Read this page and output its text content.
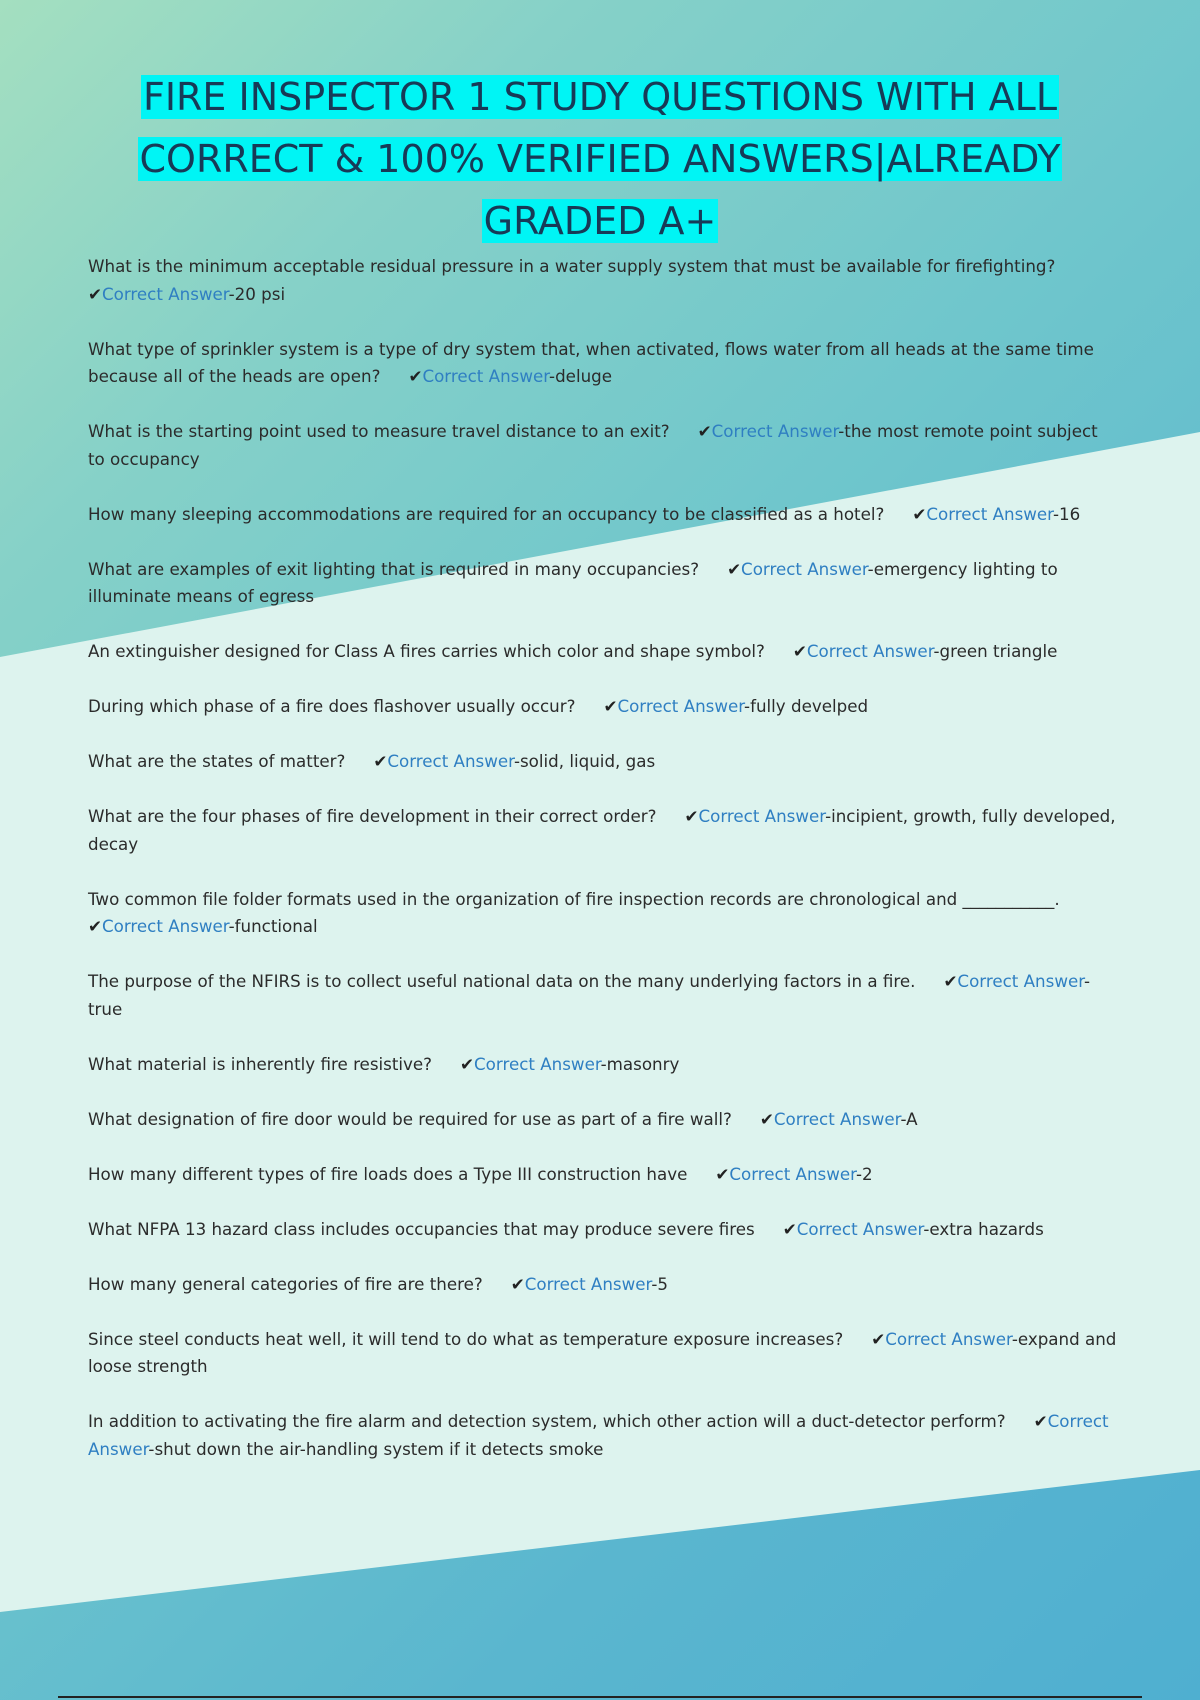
FIRE INSPECTOR 1 STUDY QUESTIONS WITH ALL
CORRECT & 100% VERIFIED ANSWERS|ALREADY
GRADED A+
What is the minimum acceptable residual pressure in a water supply system that must be available for firefighting?✔Correct Answer-20 psi
What type of sprinkler system is a type of dry system that, when activated, flows water from all heads at the same time because all of the heads are open? ✔Correct Answer-deluge
What is the starting point used to measure travel distance to an exit? ✔Correct Answer-the most remote point subject to occupancy
How many sleeping accommodations are required for an occupancy to be classified as a hotel? ✔Correct Answer-16
What are examples of exit lighting that is required in many occupancies? ✔Correct Answer-emergency lighting to illuminate means of egress
An extinguisher designed for Class A fires carries which color and shape symbol? ✔Correct Answer-green triangle
During which phase of a fire does flashover usually occur? ✔Correct Answer-fully develped
What are the states of matter? ✔Correct Answer-solid, liquid, gas
What are the four phases of fire development in their correct order? ✔Correct Answer-incipient, growth, fully developed, decay
Two common file folder formats used in the organization of fire inspection records are chronological and ___________.✔Correct Answer-functional
The purpose of the NFIRS is to collect useful national data on the many underlying factors in a fire. ✔Correct Answer-true
What material is inherently fire resistive? ✔Correct Answer-masonry
What designation of fire door would be required for use as part of a fire wall? ✔Correct Answer-A
How many different types of fire loads does a Type III construction have ✔Correct Answer-2
What NFPA 13 hazard class includes occupancies that may produce severe fires ✔Correct Answer-extra hazards
How many general categories of fire are there? ✔Correct Answer-5
Since steel conducts heat well, it will tend to do what as temperature exposure increases? ✔Correct Answer-expand and loose strength
In addition to activating the fire alarm and detection system, which other action will a duct-detector perform? ✔Correct Answer-shut down the air-handling system if it detects smoke
